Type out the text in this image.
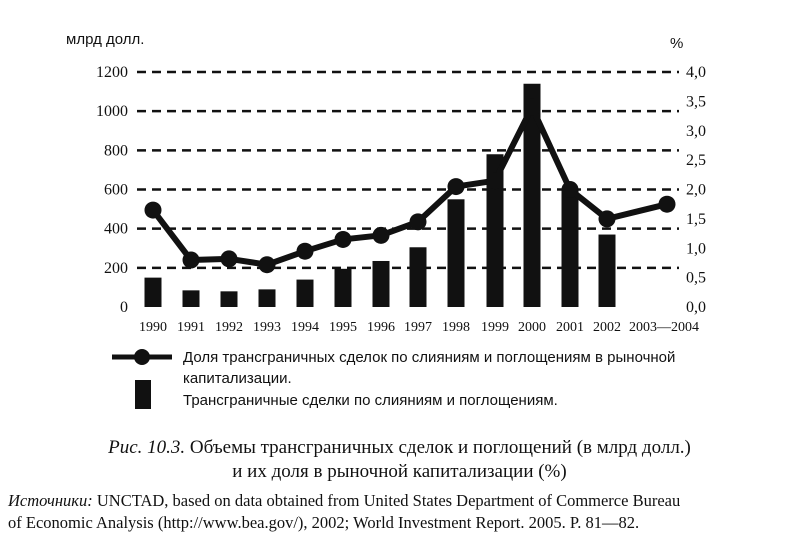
млрд долл.	%
0
200
400
600
800
1000
1200
0,0
0,5
1,0
1,5
2,0
2,5
3,0
3,5
4,0
1990 1991 1992 1993 1994 1995 1996 1997 1998 1999 2000 2001 2002 2003—2004
Доля трансграничных сделок по слияниям и поглощениям в рыночной
капитализации.
Трансграничные сделки по слияниям и поглощениям.
Рис. 10.3. Объемы трансграничных сделок и поглощений (в млрд долл.)
и их доля в рыночной капитализации (%)
Источники: UNCTAD, based on data obtained from United States Department of Commerce Bureau
of Economic Analysis (http://www.bea.gov/), 2002; World Investment Report. 2005. P. 81—82.
